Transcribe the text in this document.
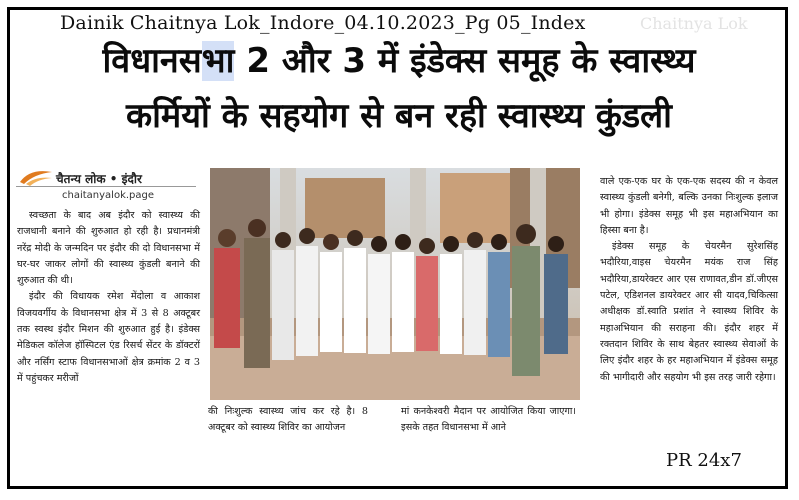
Dainik Chaitnya Lok_Indore_04.10.2023_Pg 05_Index	Chaitnya Lok
विधानसभा 2 और 3 में इंडेक्स समूह के स्वास्थ्य
कर्मियों के सहयोग से बन रही स्वास्थ्य कुंडली
चैतन्य लोक • इंदौर
chaitanyalok.page

स्वच्छता के बाद अब इंदौर को स्वास्थ्य की राजधानी बनाने की शुरुआत हो रही है। प्रधानमंत्री नरेंद्र मोदी के जन्मदिन पर इंदौर की दो विधानसभा में घर-घर जाकर लोगों की स्वास्थ्य कुंडली बनाने की शुरुआत की थी।

इंदौर की विधायक रमेश मेंदोला व आकाश विजयवर्गीय के विधानसभा क्षेत्र में 3 से 8 अक्टूबर तक स्वस्थ इंदौर मिशन की शुरुआत हुई है। इंडेक्स मेडिकल कॉलेज हॉस्पिटल एंड रिसर्च सेंटर के डॉक्टरों और नर्सिंग स्टाफ विधानसभाओं क्षेत्र क्रमांक 2 व 3 में पहुंचकर मरीजों

की निःशुल्क स्वास्थ्य जांच कर रहे है। 8 अक्टूबर को स्वास्थ्य शिविर का आयोजन

मां कनकेश्वरी मैदान पर आयोजित किया जाएगा। इसके तहत विधानसभा में आने

वाले एक-एक घर के एक-एक सदस्य की न केवल स्वास्थ्य कुंडली बनेगी, बल्कि उनका निःशुल्क इलाज भी होगा। इंडेक्स समूह भी इस महाअभियान का हिस्सा बना है।

इंडेक्स समूह के चेयरमैन सुरेशसिंह भदौरिया,वाइस चेयरमैन मयंक राज सिंह भदौरिया,डायरेक्टर आर एस राणावत,डीन डॉ.जीएस पटेल, एडिशनल डायरेक्टर आर सी यादव,चिकित्सा अधीक्षक डॉ.स्वाति प्रशांत ने स्वास्थ्य शिविर के महाअभियान की सराहना की। इंदौर शहर में रक्तदान शिविर के साथ बेहतर स्वास्थ्य सेवाओं के लिए इंदौर शहर के हर महाअभियान में इंडेक्स समूह की भागीदारी और सहयोग भी इस तरह जारी रहेगा।

PR 24x7
